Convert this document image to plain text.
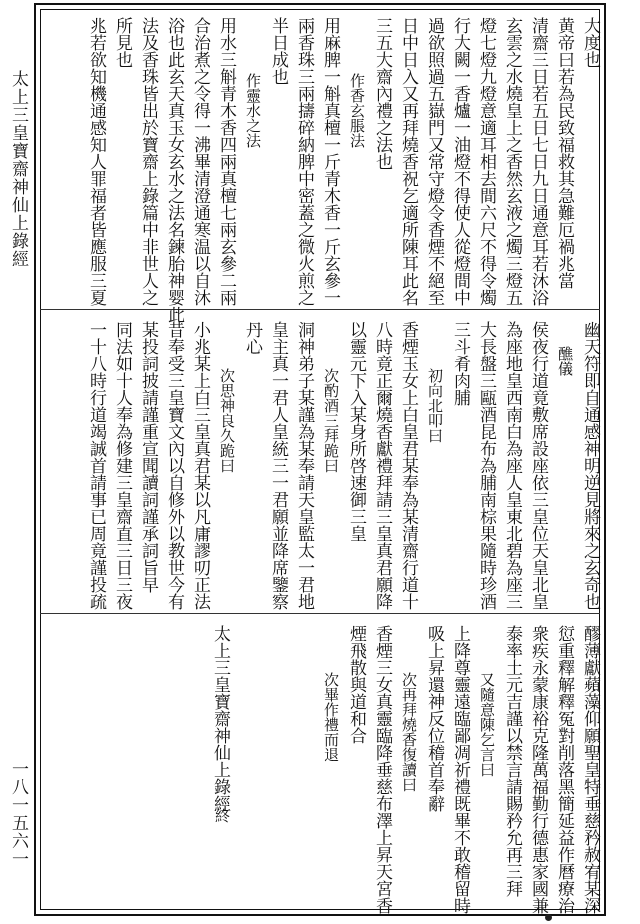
太上三皇寶齋神仙上錄經
一八一五六一
大度也
黄帝曰若為民致福救其急難厄禍兆當
清齋三日若五日七日九日通意耳若沐浴
玄雲之水燒皇上之香然玄液之燭三燈五
燈七燈九燈意適耳相去間六尺不得令燭
行大闕一香爐一油燈不得使人從燈間中
過欲照過五嶽門又常守燈令香煙不絕至
日中日入又再拜燒香祝乞適所陳耳此名
三五大齋內禮之法也
作香玄脹法
用麻脾一斛真檀一斤青木香一斤玄參一
兩香珠三兩擣碎納脾中密蓋之微火煎之
半日成也
作靈水之法
用水三斛青木香四兩真檀七兩玄參二兩
合治煮之令得一沸畢清澄通寒温以自沐
浴也此玄天真玉女玄水之法名鍊胎神婴此
法及香珠皆出於寶齋上錄篇中非世人之
所見也
兆若欲知機通感知人罪福者皆應服三夏
幽天符即自通感神明逆見將來之玄奇也
醮儀
侯夜行道竟敷席設座依三皇位天皇北皇
為座地皇西南白為座人皇東北碧為座三
大長盤三甌酒昆布為脯南棕果隨時珍酒
三斗肴肉脯
初向北叩曰
香煙玉女上白皇君某奉為某清齋行道十
八時竟正爾燒香獻禮拜請三皇真君願降
以靈元下入某身所啓速御三皇
次酌酒三拜跪曰
洞神弟子某謹為某奉請天皇監太一君地
皇主真一君人皇統三一君願並降席鑒察
丹心
次思神良久跪曰
小兆某上白三皇真君某以凡庸謬叨正法
昔奉受三皇寶文內以自修外以教世今有
某投詞披請謹重宣聞讀詞謹承詞旨早
同法如十人奉為修建三皇齋直三日三夜
一十八時行道竭誠首請事已周竟謹投疏
醪薄獻蘋藻仰願聖皇特垂慈矜赦宥某深
愆重釋解釋冤對削落黑簡延益作曆療治
衆疾永蒙康裕克隆萬福勤行德惠家國兼
泰率土元吉謹以禁言請賜矜允再三拜
又隨意陳乞言曰
上降尊靈遠臨鄙凋祈禮既畢不敢稽留時
吸上昇還神反位稽首奉辭
次再拜燒香復讀曰
香煙三女真靈臨降垂慈布澤上昇天宮香
煙飛散與道和合
次畢作禮而退
太上三皇寶齋神仙上錄經
終
